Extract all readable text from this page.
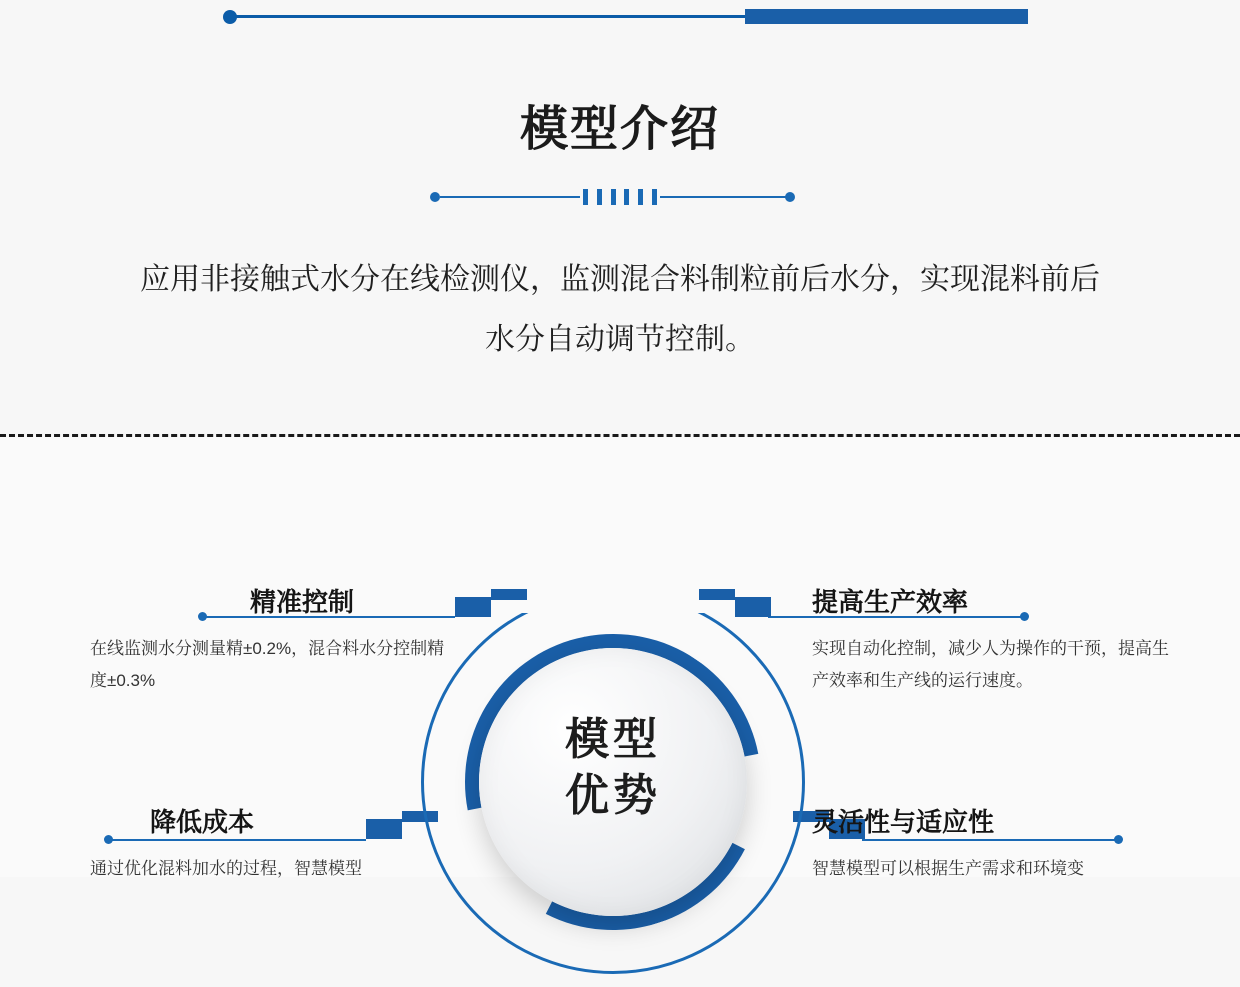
模型介绍
应用非接触式水分在线检测仪，监测混合料制粒前后水分，实现混料前后水分自动调节控制。
模型
优势
精准控制

在线监测水分测量精±0.2%，混合料水分控制精度±0.3%

提高生产效率

实现自动化控制，减少人为操作的干预，提高生产效率和生产线的运行速度。

降低成本

通过优化混料加水的过程，智慧模型

灵活性与适应性

智慧模型可以根据生产需求和环境变
